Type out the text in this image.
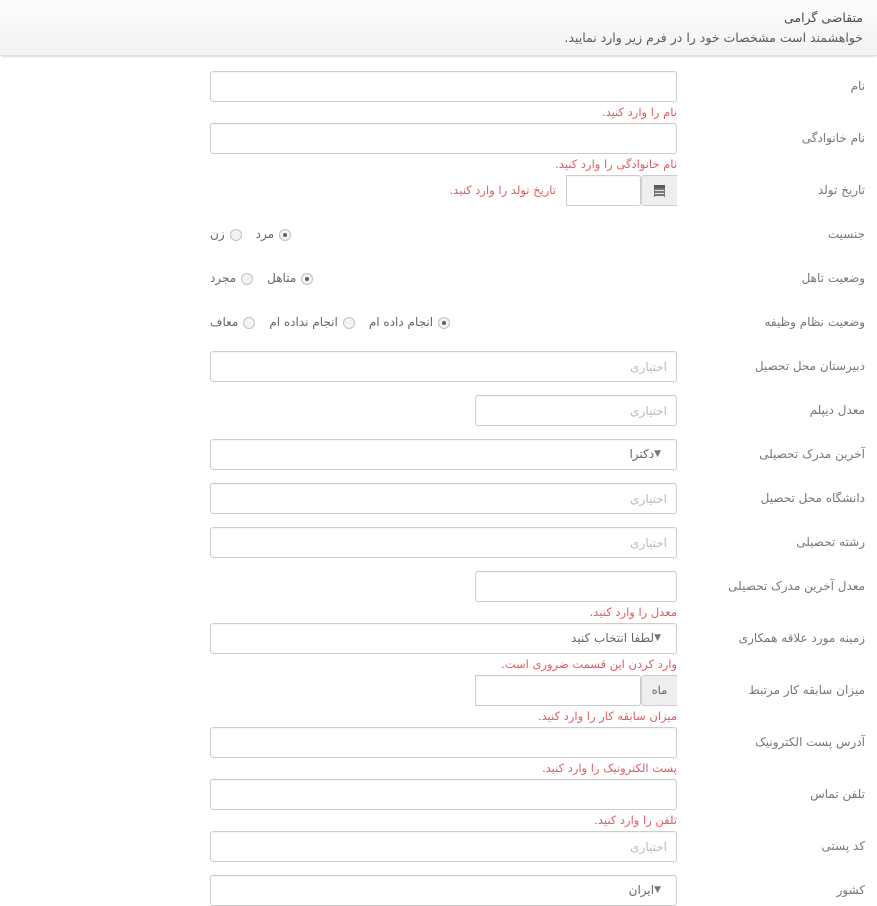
متقاضی گرامی
خواهشمند است مشخصات خود را در فرم زیر وارد نمایید.
نام
نام را وارد کنید.
نام خانوادگی
نام خانوادگی را وارد کنید.
تاریخ تولد
تاریخ تولد را وارد کنید.
جنسیت
مرد
زن
وضعیت تاهل
متاهل
مجرد
وضعیت نظام وظیفه
انجام داده ام
انجام نداده ام
معاف
دبیرستان محل تحصیل
اختیاری
معدل دیپلم
اختیاری
آخرین مدرک تحصیلی
▼
دکترا
دانشگاه محل تحصیل
اختیاری
رشته تحصیلی
اختیاری
معدل آخرین مدرک تحصیلی
معدل را وارد کنید.
زمینه مورد علاقه همکاری
▼
لطفا انتخاب کنید
وارد کردن این قسمت ضروری است.
میزان سابقه کار مرتبط
ماه
میزان سابقه کار را وارد کنید.
آدرس پست الکترونیک
پست الکترونیک را وارد کنید.
تلفن تماس
تلفن را وارد کنید.
کد پستی
اختیاری
کشور
▼
ایران
